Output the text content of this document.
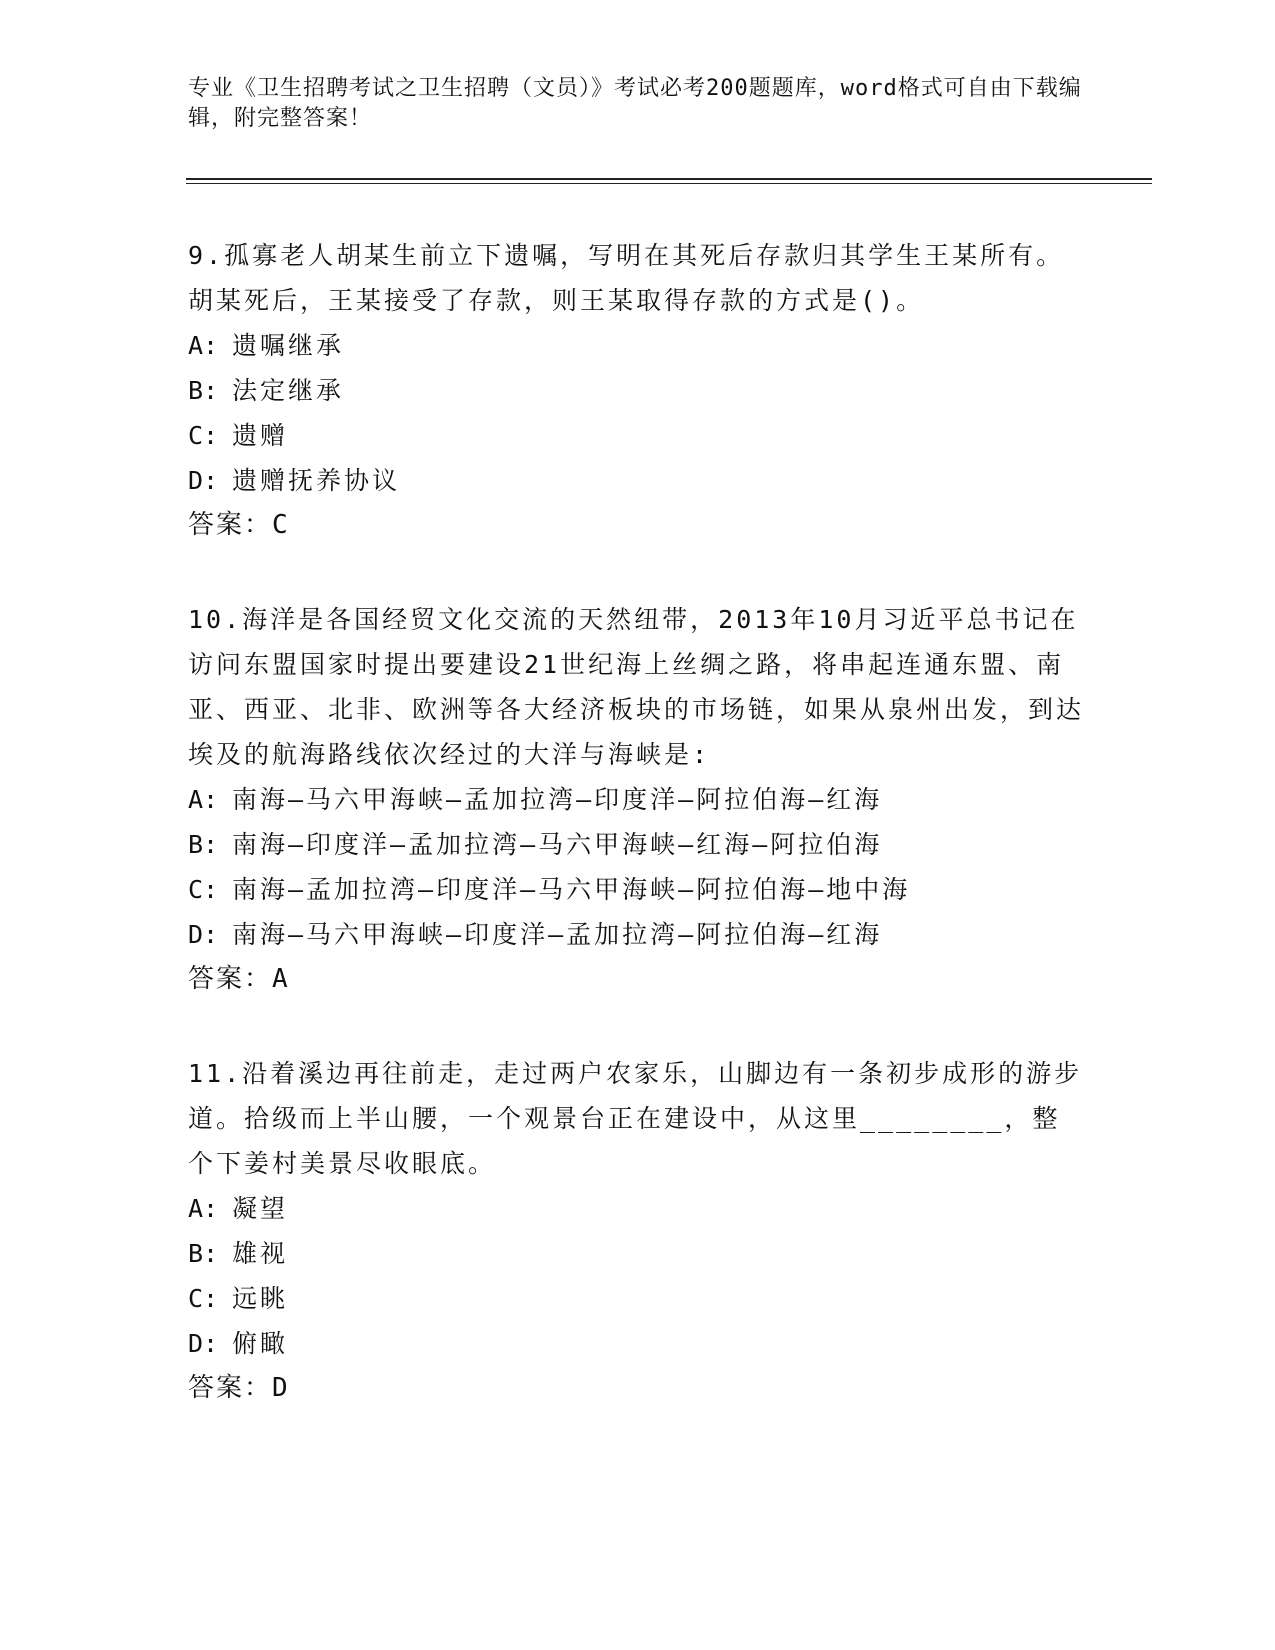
专业《卫生招聘考试之卫生招聘（文员）》考试必考200题题库，word格式可自由下载编辑，附完整答案！
9.孤寡老人胡某生前立下遗嘱，写明在其死后存款归其学生王某所有。胡某死后，王某接受了存款，则王某取得存款的方式是()。
A: 遗嘱继承
B: 法定继承
C: 遗赠
D: 遗赠抚养协议
答案：C
10.海洋是各国经贸文化交流的天然纽带，2013年10月习近平总书记在访问东盟国家时提出要建设21世纪海上丝绸之路，将串起连通东盟、南亚、西亚、北非、欧洲等各大经济板块的市场链，如果从泉州出发，到达埃及的航海路线依次经过的大洋与海峡是:
A: 南海—马六甲海峡—孟加拉湾—印度洋—阿拉伯海—红海
B: 南海—印度洋—孟加拉湾—马六甲海峡—红海—阿拉伯海
C: 南海—孟加拉湾—印度洋—马六甲海峡—阿拉伯海—地中海
D: 南海—马六甲海峡—印度洋—孟加拉湾—阿拉伯海—红海
答案：A
11.沿着溪边再往前走，走过两户农家乐，山脚边有一条初步成形的游步道。拾级而上半山腰，一个观景台正在建设中，从这里________，整个下姜村美景尽收眼底。
A: 凝望
B: 雄视
C: 远眺
D: 俯瞰
答案：D
